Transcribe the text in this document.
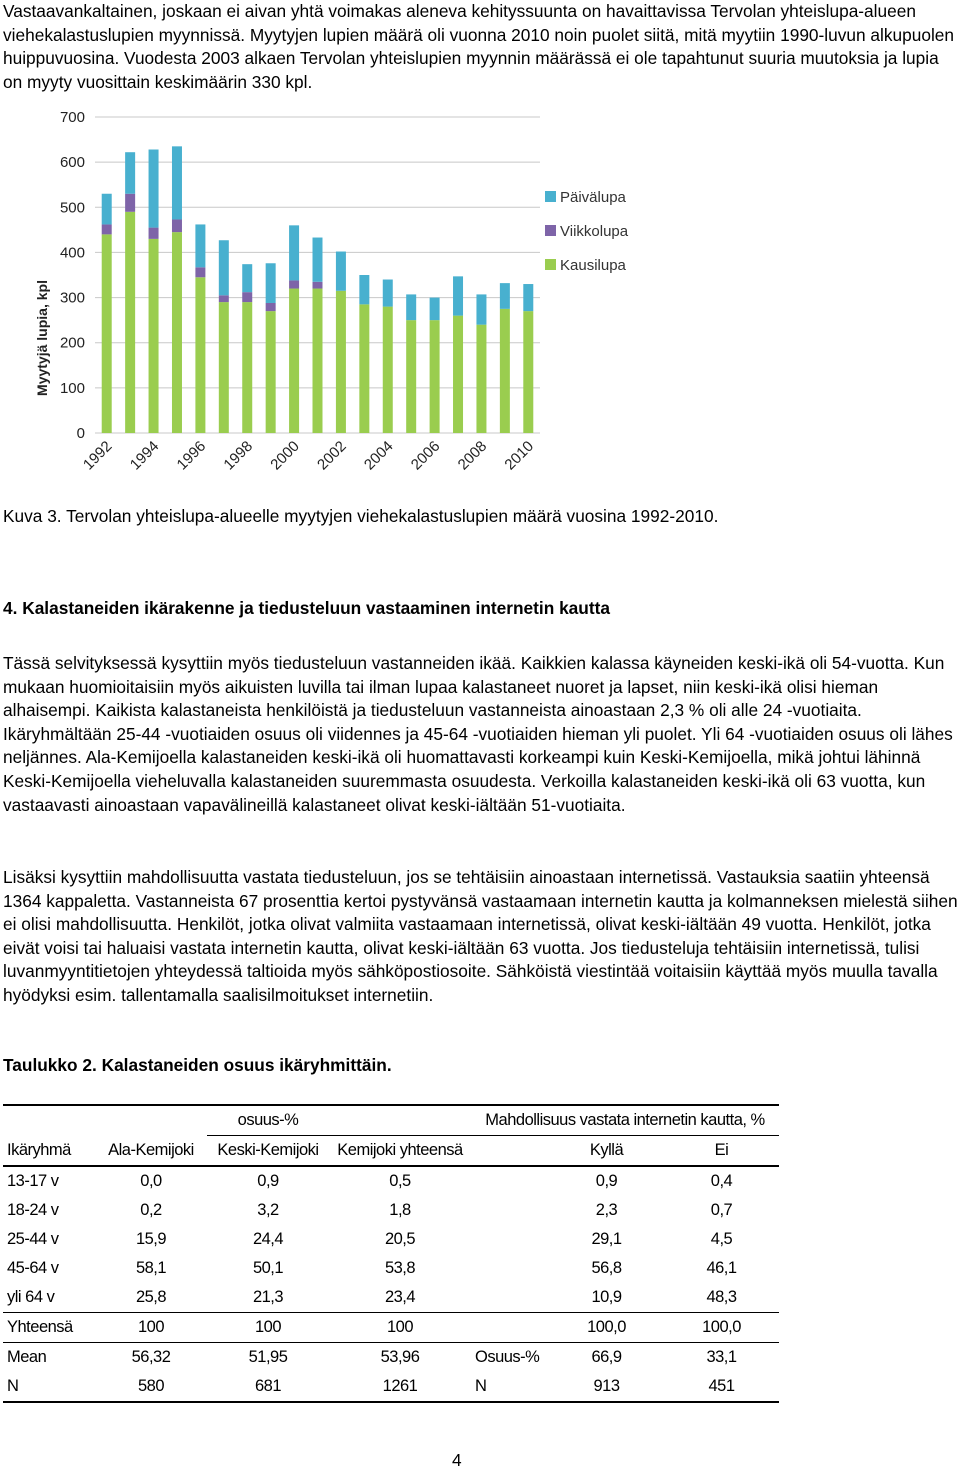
Vastaavankaltainen, joskaan ei aivan yhtä voimakas aleneva kehityssuunta on havaittavissa Tervolan yhteislupa-alueen viehekalastuslupien myynnissä. Myytyjen lupien määrä oli vuonna 2010 noin puolet siitä, mitä myytiin 1990-luvun alkupuolen huippuvuosina. Vuodesta 2003 alkaen Tervolan yhteislupien myynnin määrässä ei ole tapahtunut suuria muutoksia ja lupia on myyty vuosittain keskimäärin 330 kpl.

0
100
200
300
400
500
600
700
1992 1994 1996 1998 2000 2002 2004 2006 2008 2010
Myytyjä lupia, kpl
Päivälupa
Viikkolupa
Kausilupa

Kuva 3. Tervolan yhteislupa-alueelle myytyjen viehekalastuslupien määrä vuosina 1992-2010.

4. Kalastaneiden ikärakenne ja tiedusteluun vastaaminen internetin kautta

Tässä selvityksessä kysyttiin myös tiedusteluun vastanneiden ikää. Kaikkien kalassa käyneiden keski-ikä oli 54-vuotta. Kun mukaan huomioitaisiin myös aikuisten luvilla tai ilman lupaa kalastaneet nuoret ja lapset, niin keski-ikä olisi hieman alhaisempi. Kaikista kalastaneista henkilöistä ja tiedusteluun vastanneista ainoastaan 2,3 % oli alle 24 -vuotiaita. Ikäryhmältään 25-44 -vuotiaiden osuus oli viidennes ja 45-64 -vuotiaiden hieman yli puolet. Yli 64 -vuotiaiden osuus oli lähes neljännes. Ala-Kemijoella kalastaneiden keski-ikä oli huomattavasti korkeampi kuin Keski-Kemijoella, mikä johtui lähinnä Keski-Kemijoella vieheluvalla kalastaneiden suuremmasta osuudesta. Verkoilla kalastaneiden keski-ikä oli 63 vuotta, kun vastaavasti ainoastaan vapavälineillä kalastaneet olivat keski-iältään 51-vuotiaita.

Lisäksi kysyttiin mahdollisuutta vastata tiedusteluun, jos se tehtäisiin ainoastaan internetissä. Vastauksia saatiin yhteensä 1364 kappaletta. Vastanneista 67 prosenttia kertoi pystyvänsä vastaamaan internetin kautta ja kolmanneksen mielestä siihen ei olisi mahdollisuutta. Henkilöt, jotka olivat valmiita vastaamaan internetissä, olivat keski-iältään 49 vuotta. Henkilöt, jotka eivät voisi tai haluaisi vastata internetin kautta, olivat keski-iältään 63 vuotta. Jos tiedusteluja tehtäisiin internetissä, tulisi luvanmyyntitietojen yhteydessä taltioida myös sähköpostiosoite. Sähköistä viestintää voitaisiin käyttää myös muulla tavalla hyödyksi esim. tallentamalla saalisilmoitukset internetiin.

Taulukko 2. Kalastaneiden osuus ikäryhmittäin.

		osuus-%		Mahdollisuus vastata internetin kautta, %		
Ikäryhmä	Ala-Kemijoki	Keski-Kemijoki	Kemijoki yhteensä		Kyllä	Ei
13-17 v	0,0	0,9	0,5		0,9	0,4
18-24 v	0,2	3,2	1,8		2,3	0,7
25-44 v	15,9	24,4	20,5		29,1	4,5
45-64 v	58,1	50,1	53,8		56,8	46,1
yli 64 v	25,8	21,3	23,4		10,9	48,3
Yhteensä	100	100	100		100,0	100,0
Mean	56,32	51,95	53,96	Osuus-%	66,9	33,1
N	580	681	1261	N	913	451

4
